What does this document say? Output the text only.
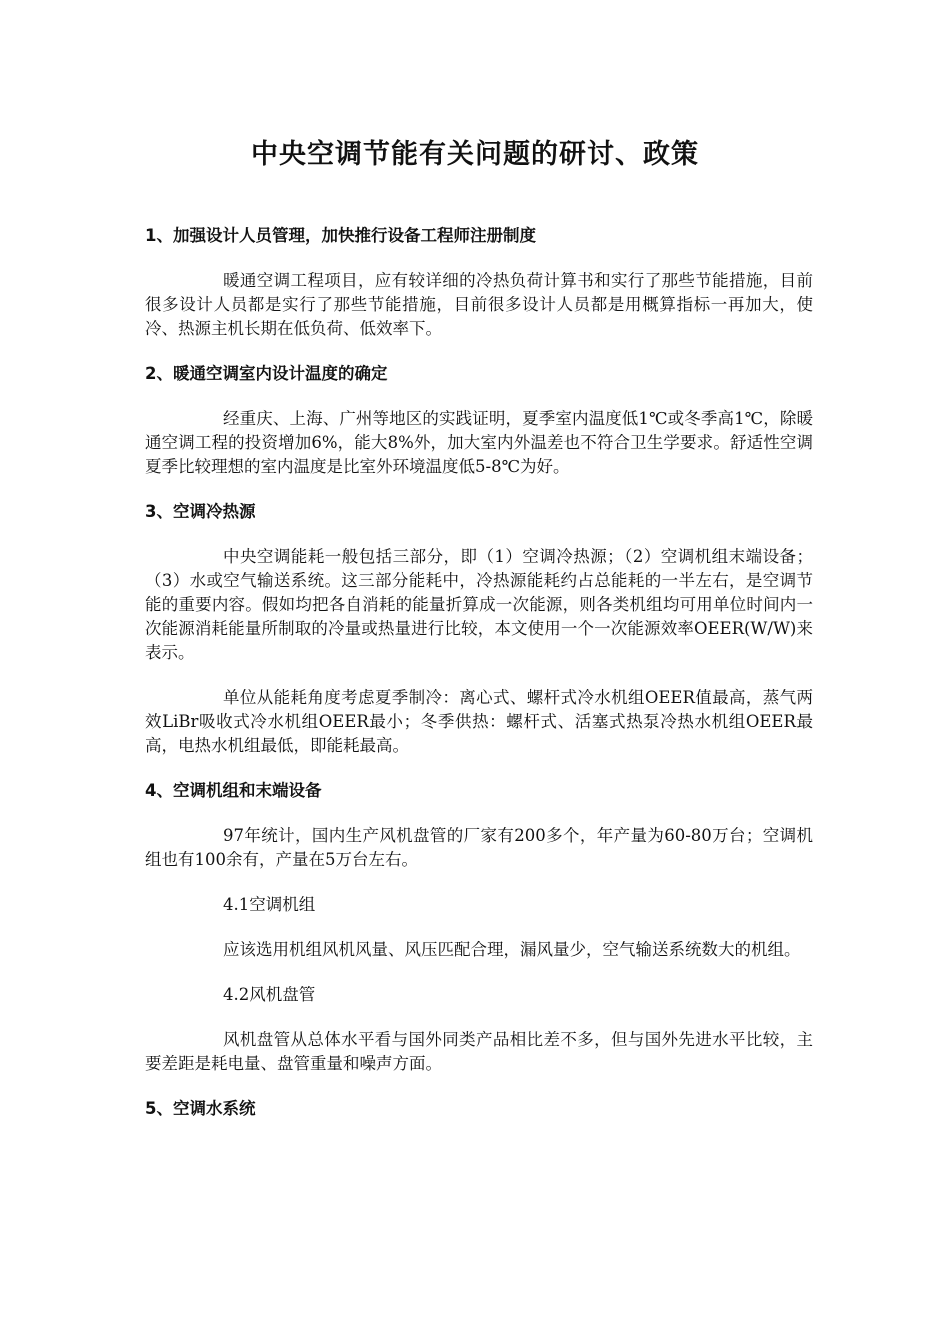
中央空调节能有关问题的研讨、政策
1、加强设计人员管理，加快推行设备工程师注册制度

暖通空调工程项目，应有较详细的冷热负荷计算书和实行了那些节能措施，目前很多设计人员都是实行了那些节能措施，目前很多设计人员都是用概算指标一再加大，使冷、热源主机长期在低负荷、低效率下。

2、暖通空调室内设计温度的确定

经重庆、上海、广州等地区的实践证明，夏季室内温度低1℃或冬季高1℃，除暖通空调工程的投资增加6%，能大8%外，加大室内外温差也不符合卫生学要求。舒适性空调夏季比较理想的室内温度是比室外环境温度低5-8℃为好。

3、空调冷热源

中央空调能耗一般包括三部分，即（1）空调冷热源；（2）空调机组末端设备；（3）水或空气输送系统。这三部分能耗中，冷热源能耗约占总能耗的一半左右，是空调节能的重要内容。假如均把各自消耗的能量折算成一次能源，则各类机组均可用单位时间内一次能源消耗能量所制取的冷量或热量进行比较，本文使用一个一次能源效率OEER(W/W)来表示。

单位从能耗角度考虑夏季制冷：离心式、螺杆式冷水机组OEER值最高，蒸气两效LiBr吸收式冷水机组OEER最小；冬季供热：螺杆式、活塞式热泵冷热水机组OEER最高，电热水机组最低，即能耗最高。

4、空调机组和末端设备

97年统计，国内生产风机盘管的厂家有200多个，年产量为60-80万台；空调机组也有100余有，产量在5万台左右。

4.1空调机组

应该选用机组风机风量、风压匹配合理，漏风量少，空气输送系统数大的机组。

4.2风机盘管

风机盘管从总体水平看与国外同类产品相比差不多，但与国外先进水平比较，主要差距是耗电量、盘管重量和噪声方面。

5、空调水系统
